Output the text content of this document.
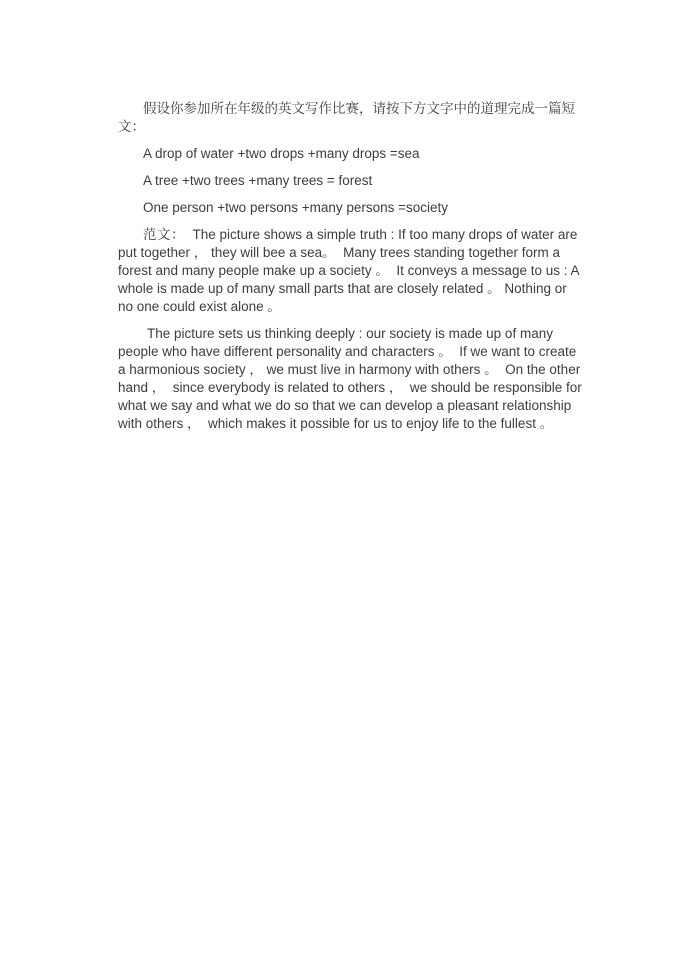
假设你参加所在年级的英文写作比赛，请按下方文字中的道理完成一篇短文：

A drop of water +two drops +many drops =sea

A tree +two trees +many trees = forest

One person +two persons +many persons =society

范文：  The picture shows a simple truth : If too many drops of water are put together ， they will bee a sea。  Many trees standing together form a forest and many people make up a society 。  It conveys a message to us : A whole is made up of many small parts that are closely related 。 Nothing or no one could exist alone 。

The picture sets us thinking deeply : our society is made up of many people who have different personality and characters 。  If we want to create a harmonious society ， we must live in harmony with others 。  On the other hand ，  since everybody is related to others ，  we should be responsible for what we say and what we do so that we can develop a pleasant relationship with others ，  which makes it possible for us to enjoy life to the fullest 。
